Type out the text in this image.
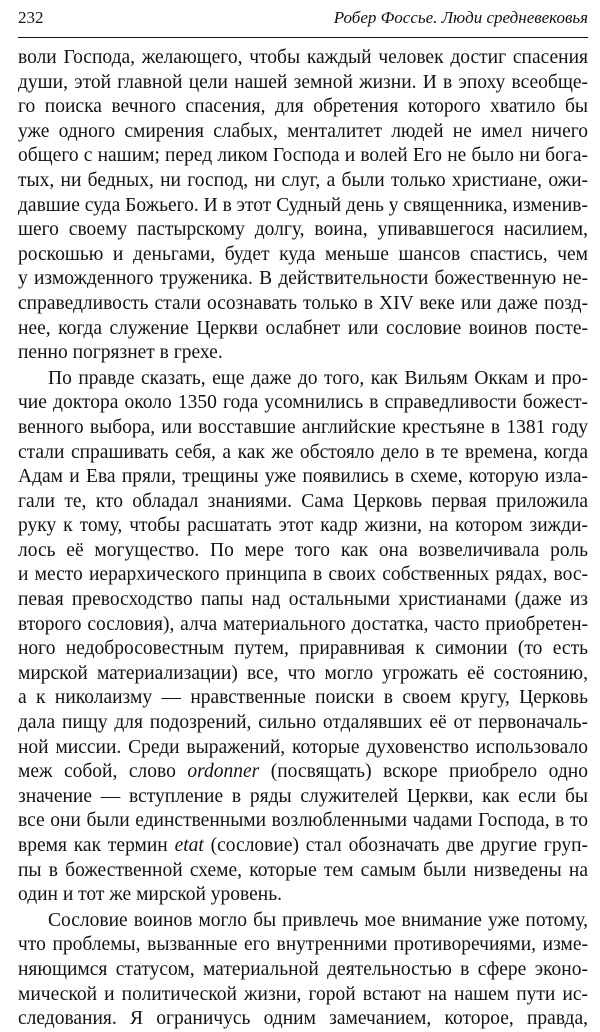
232	Робер Фоссье. Люди средневековья
воли Господа, желающего, чтобы каждый человек достиг спасения
души, этой главной цели нашей земной жизни. И в эпоху всеобще-
го поиска вечного спасения, для обретения которого хватило бы
уже одного смирения слабых, менталитет людей не имел ничего
общего с нашим; перед ликом Господа и волей Его не было ни бога-
тых, ни бедных, ни господ, ни слуг, а были только христиане, ожи-
давшие суда Божьего. И в этот Судный день у священника, изменив-
шего своему пастырскому долгу, воина, упивавшегося насилием,
роскошью и деньгами, будет куда меньше шансов спастись, чем
у изможденного труженика. В действительности божественную не-
справедливость стали осознавать только в XIV веке или даже позд-
нее, когда служение Церкви ослабнет или сословие воинов посте-
пенно погрязнет в грехе.
По правде сказать, еще даже до того, как Вильям Оккам и про-
чие доктора около 1350 года усомнились в справедливости божест-
венного выбора, или восставшие английские крестьяне в 1381 году
стали спрашивать себя, а как же обстояло дело в те времена, когда
Адам и Ева пряли, трещины уже появились в схеме, которую изла-
гали те, кто обладал знаниями. Сама Церковь первая приложила
руку к тому, чтобы расшатать этот кадр жизни, на котором зижди-
лось её могущество. По мере того как она возвеличивала роль
и место иерархического принципа в своих собственных рядах, вос-
певая превосходство папы над остальными христианами (даже из
второго сословия), алча материального достатка, часто приобретен-
ного недобросовестным путем, приравнивая к симонии (то есть
мирской материализации) все, что могло угрожать её состоянию,
а к николаизму — нравственные поиски в своем кругу, Церковь
дала пищу для подозрений, сильно отдалявших её от первоначаль-
ной миссии. Среди выражений, которые духовенство использовало
меж собой, слово ordonner (посвящать) вскоре приобрело одно
значение — вступление в ряды служителей Церкви, как если бы
все они были единственными возлюбленными чадами Господа, в то
время как термин etat (сословие) стал обозначать две другие груп-
пы в божественной схеме, которые тем самым были низведены на
один и тот же мирской уровень.
Сословие воинов могло бы привлечь мое внимание уже потому,
что проблемы, вызванные его внутренними противоречиями, изме-
няющимся статусом, материальной деятельностью в сфере эконо-
мической и политической жизни, горой встают на нашем пути ис-
следования. Я ограничусь одним замечанием, которое, правда,
